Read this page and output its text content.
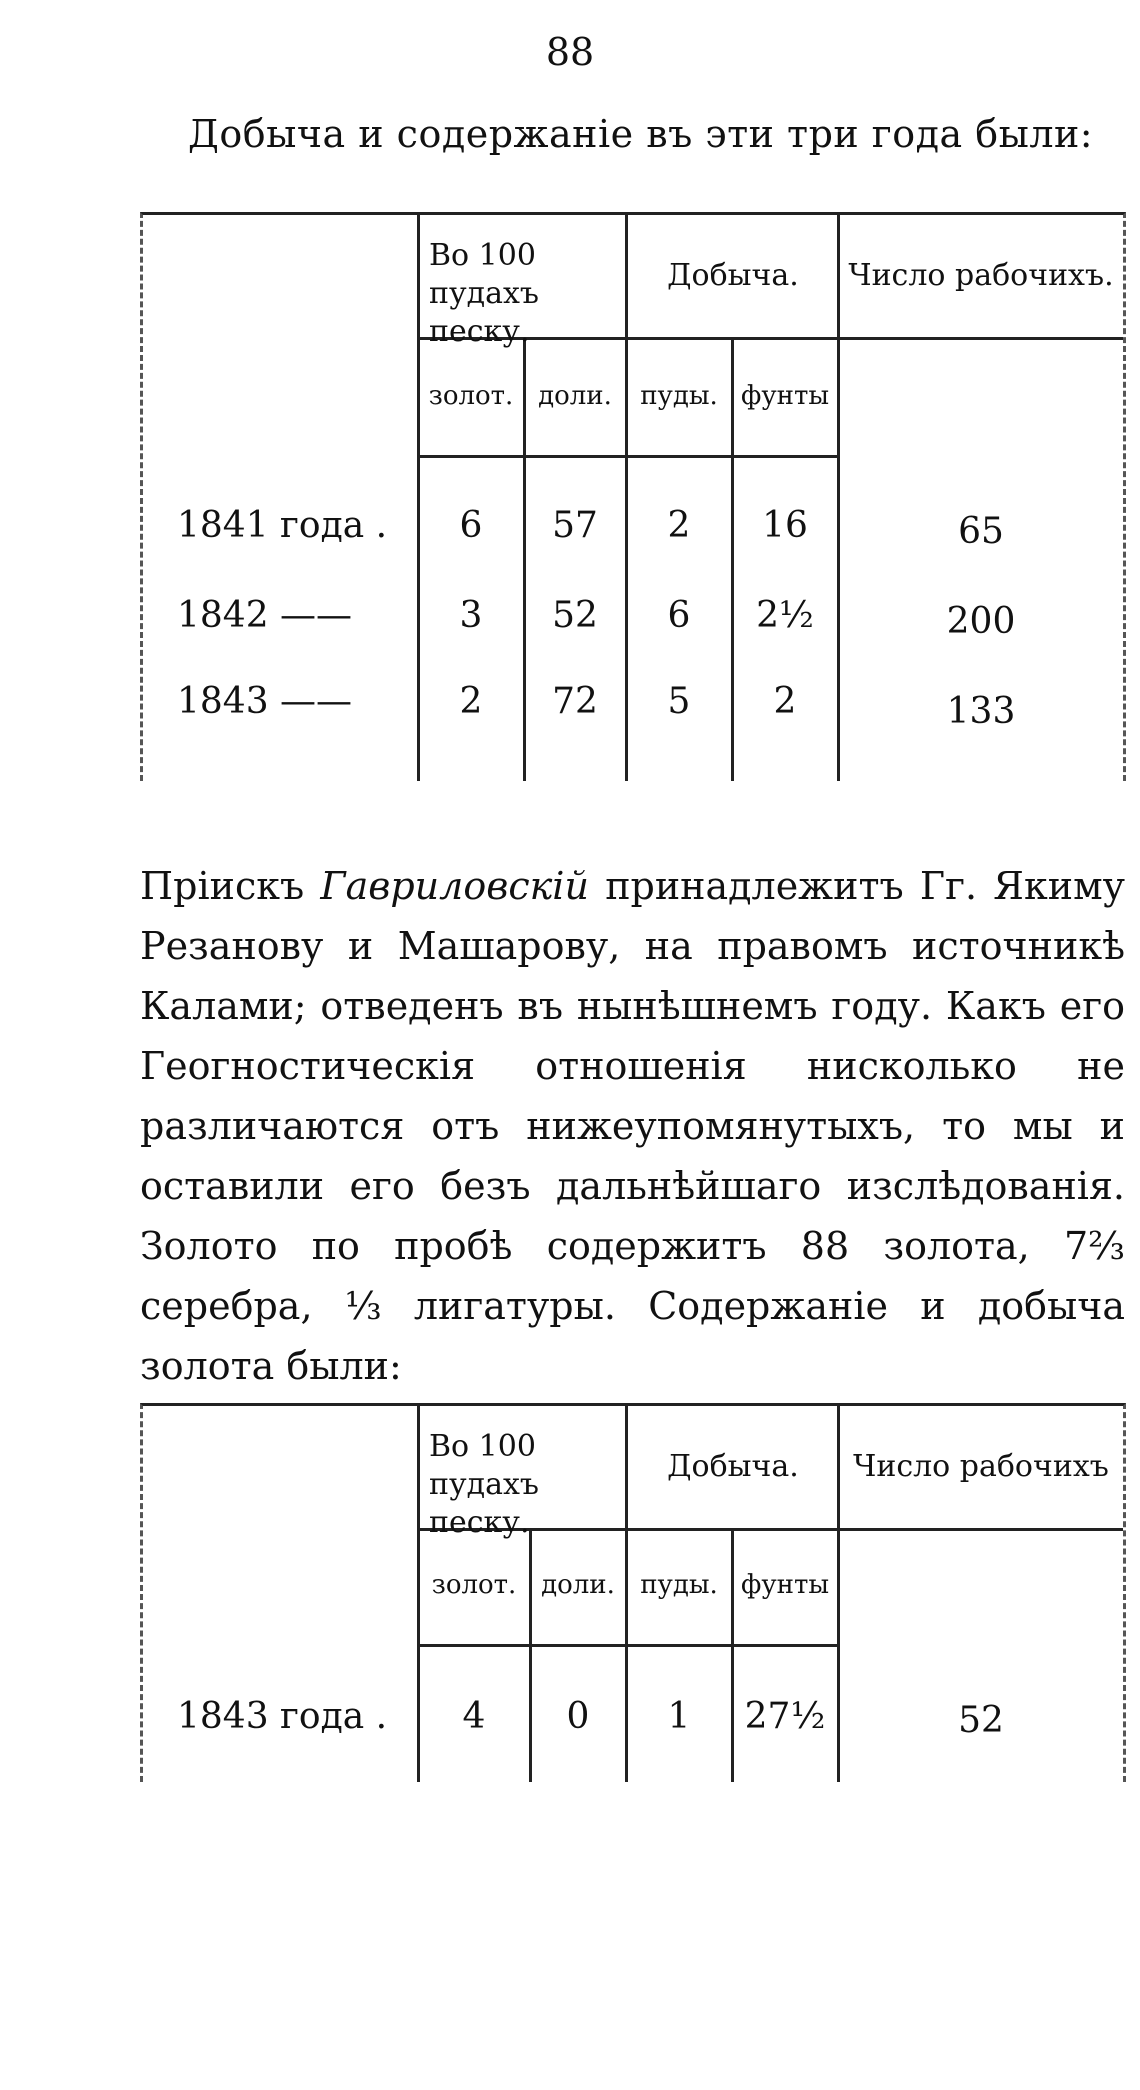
88
Добыча и содержаніе въ эти три года были:
Во 100 пудахъ песку.
Добыча.	Число рабочихъ.
золот. доли.	пуды. фунты
1841 года .	6	57	2	16	65
1842 ——	3	52	6	2½	200
1843 ——	2	72	5	2	133
Пріискъ Гавриловскій принадлежитъ Гг. Якиму Резанову и Машарову, на правомъ источникѣ Калами; отведенъ въ нынѣшнемъ году. Какъ его Геогностическія отношенія нисколько не различаются отъ нижеупомянутыхъ, то мы и оставили его безъ дальнѣйшаго изслѣдованія. Золото по пробѣ содержитъ 88 золота, 7⅔ серебра, ⅓ лигатуры. Содержаніе и добыча золота были:
Во 100 пудахъ песку.
Добыча.	Число рабочихъ
золот. доли. пуды. фунты
1843 года .	4	0	1	27½	52
